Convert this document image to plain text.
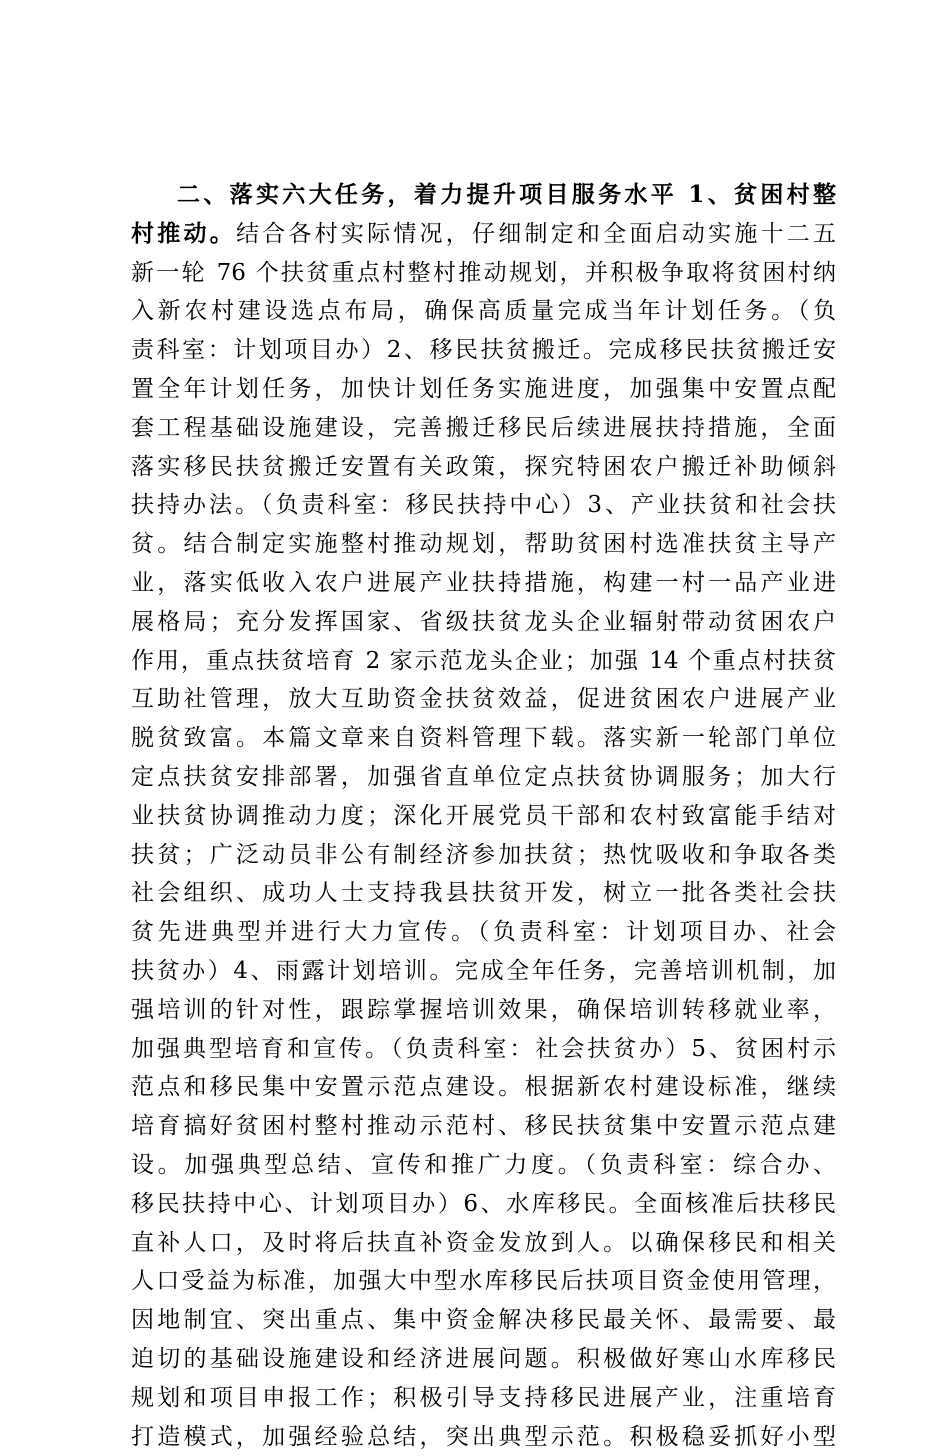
二、落实六大任务，着力提升项目服务水平 1、贫困村整
村推动。结合各村实际情况，仔细制定和全面启动实施十二五
新一轮 76 个扶贫重点村整村推动规划，并积极争取将贫困村纳
入新农村建设选点布局，确保高质量完成当年计划任务。（负
责科室：计划项目办）2、移民扶贫搬迁。完成移民扶贫搬迁安
置全年计划任务，加快计划任务实施进度，加强集中安置点配
套工程基础设施建设，完善搬迁移民后续进展扶持措施，全面
落实移民扶贫搬迁安置有关政策，探究特困农户搬迁补助倾斜
扶持办法。（负责科室：移民扶持中心）3、产业扶贫和社会扶
贫。结合制定实施整村推动规划，帮助贫困村选准扶贫主导产
业，落实低收入农户进展产业扶持措施，构建一村一品产业进
展格局；充分发挥国家、省级扶贫龙头企业辐射带动贫困农户
作用，重点扶贫培育 2 家示范龙头企业；加强 14 个重点村扶贫
互助社管理，放大互助资金扶贫效益，促进贫困农户进展产业
脱贫致富。本篇文章来自资料管理下载。落实新一轮部门单位
定点扶贫安排部署，加强省直单位定点扶贫协调服务；加大行
业扶贫协调推动力度；深化开展党员干部和农村致富能手结对
扶贫；广泛动员非公有制经济参加扶贫；热忱吸收和争取各类
社会组织、成功人士支持我县扶贫开发，树立一批各类社会扶
贫先进典型并进行大力宣传。（负责科室：计划项目办、社会
扶贫办）4、雨露计划培训。完成全年任务，完善培训机制，加
强培训的针对性，跟踪掌握培训效果，确保培训转移就业率，
加强典型培育和宣传。（负责科室：社会扶贫办）5、贫困村示
范点和移民集中安置示范点建设。根据新农村建设标准，继续
培育搞好贫困村整村推动示范村、移民扶贫集中安置示范点建
设。加强典型总结、宣传和推广力度。（负责科室：综合办、
移民扶持中心、计划项目办）6、水库移民。全面核准后扶移民
直补人口，及时将后扶直补资金发放到人。以确保移民和相关
人口受益为标准，加强大中型水库移民后扶项目资金使用管理，
因地制宜、突出重点、集中资金解决移民最关怀、最需要、最
迫切的基础设施建设和经济进展问题。积极做好寒山水库移民
规划和项目申报工作；积极引导支持移民进展产业，注重培育
打造模式，加强经验总结，突出典型示范。积极稳妥抓好小型
